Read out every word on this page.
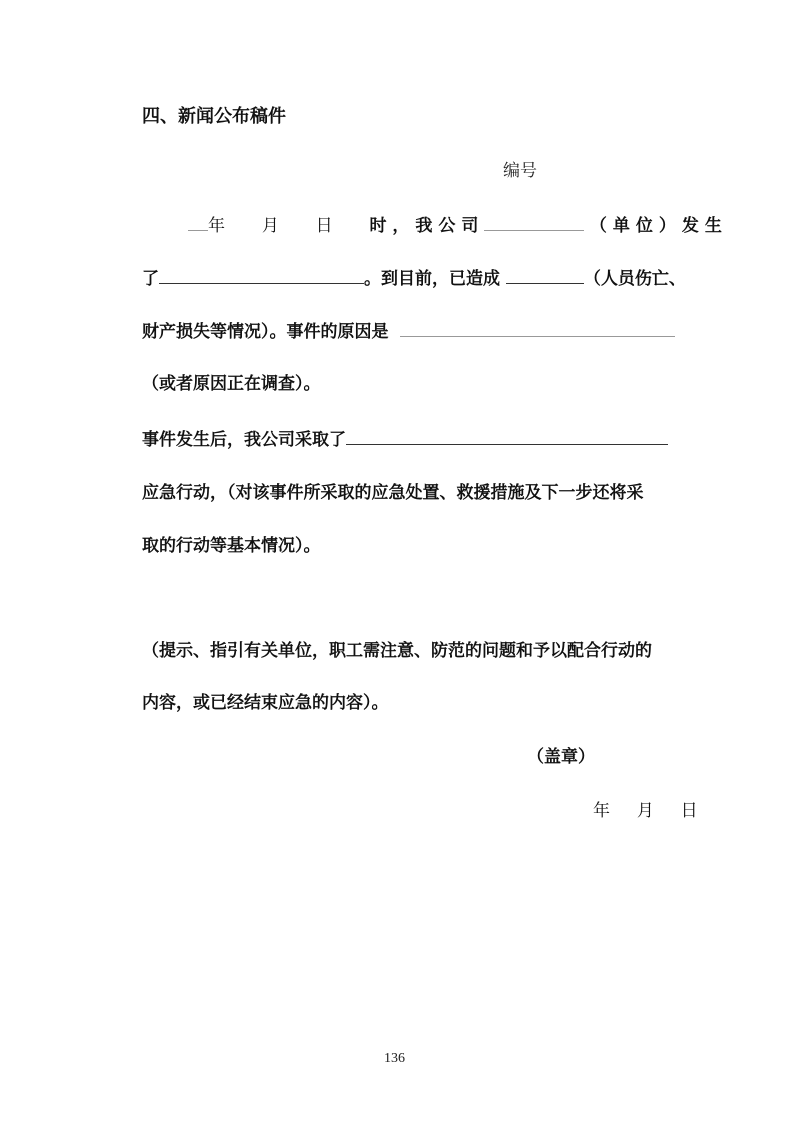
四、新闻公布稿件
编号
年 月 日 时，我公司	（单位）发生
了	。到目前，已造成	（人员伤亡、
财产损失等情况）。事件的原因是
（或者原因正在调查）。
事件发生后，我公司采取了
应急行动，（对该事件所采取的应急处置、救援措施及下一步还将采
取的行动等基本情况）。
（提示、指引有关单位，职工需注意、防范的问题和予以配合行动的
内容，或已经结束应急的内容）。
（盖章）
年 月 日
136
